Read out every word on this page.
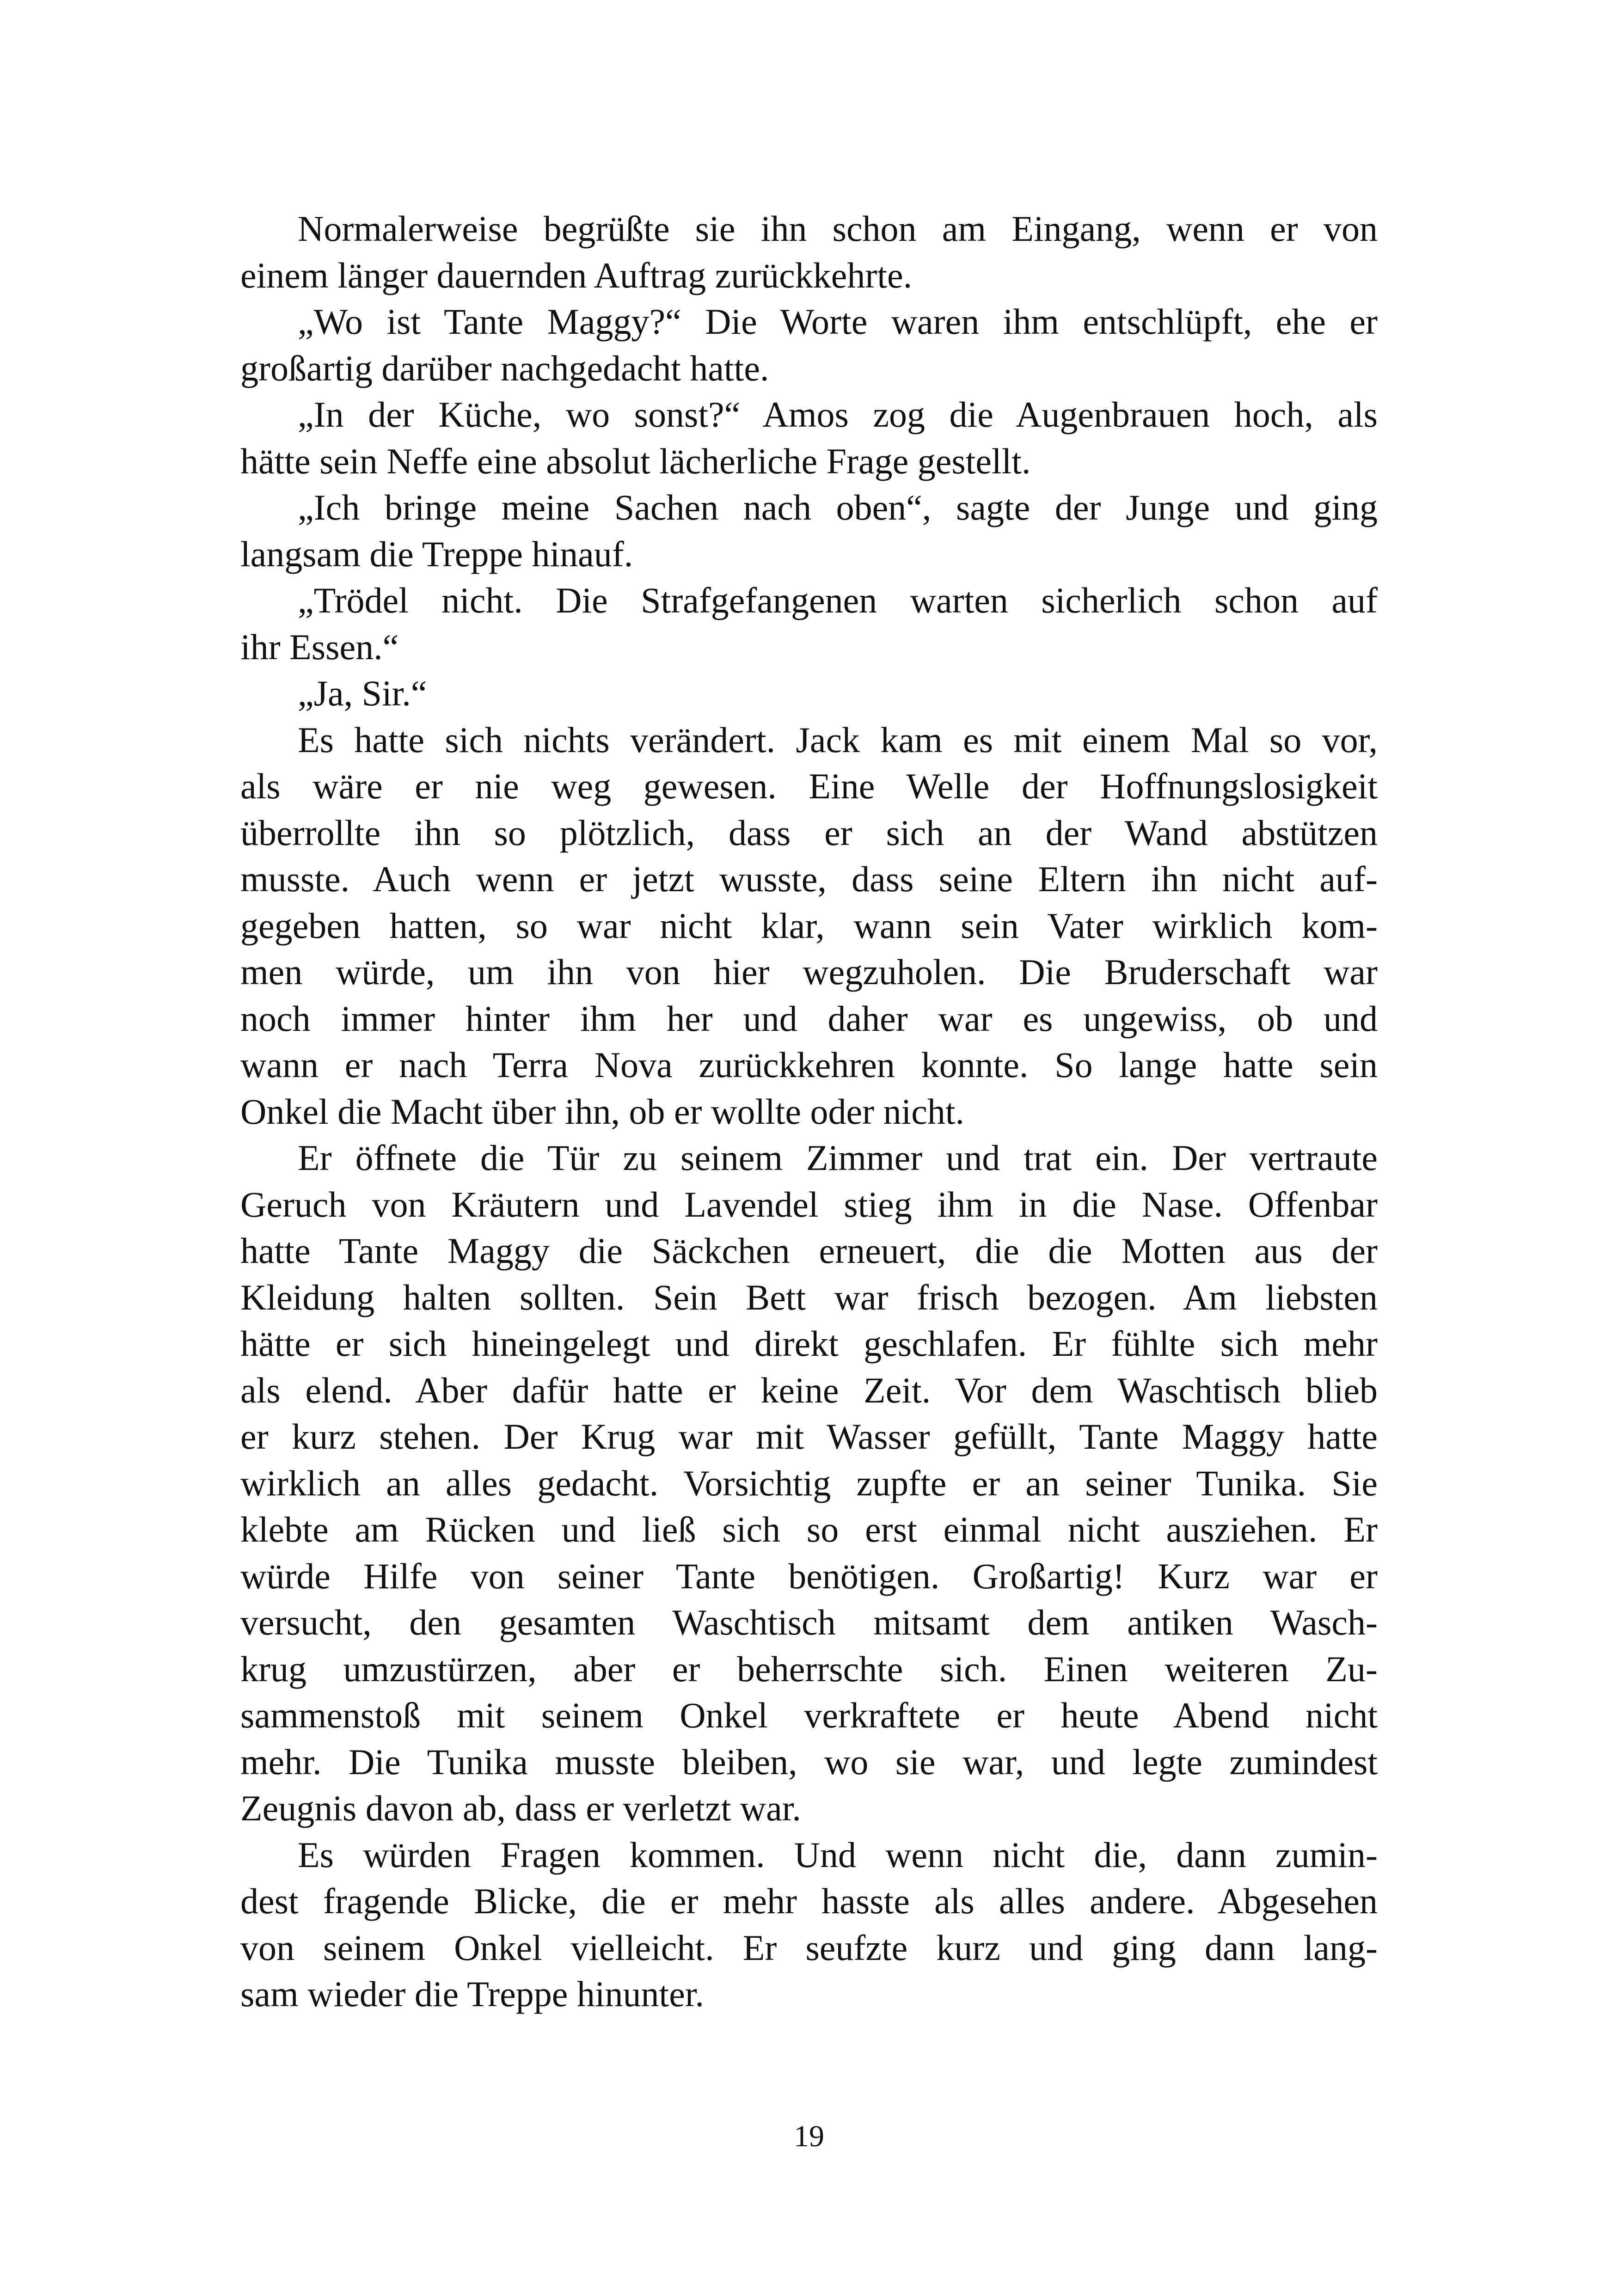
Normalerweise begrüßte sie ihn schon am Eingang, wenn er von
einem länger dauernden Auftrag zurückkehrte.
„Wo ist Tante Maggy?“ Die Worte waren ihm entschlüpft, ehe er
großartig darüber nachgedacht hatte.
„In der Küche, wo sonst?“ Amos zog die Augenbrauen hoch, als
hätte sein Neffe eine absolut lächerliche Frage gestellt.
„Ich bringe meine Sachen nach oben“, sagte der Junge und ging
langsam die Treppe hinauf.
„Trödel nicht. Die Strafgefangenen warten sicherlich schon auf
ihr Essen.“
„Ja, Sir.“
Es hatte sich nichts verändert. Jack kam es mit einem Mal so vor,
als wäre er nie weg gewesen. Eine Welle der Hoffnungslosigkeit
überrollte ihn so plötzlich, dass er sich an der Wand abstützen
musste. Auch wenn er jetzt wusste, dass seine Eltern ihn nicht auf-
gegeben hatten, so war nicht klar, wann sein Vater wirklich kom-
men würde, um ihn von hier wegzuholen. Die Bruderschaft war
noch immer hinter ihm her und daher war es ungewiss, ob und
wann er nach Terra Nova zurückkehren konnte. So lange hatte sein
Onkel die Macht über ihn, ob er wollte oder nicht.
Er öffnete die Tür zu seinem Zimmer und trat ein. Der vertraute
Geruch von Kräutern und Lavendel stieg ihm in die Nase. Offenbar
hatte Tante Maggy die Säckchen erneuert, die die Motten aus der
Kleidung halten sollten. Sein Bett war frisch bezogen. Am liebsten
hätte er sich hineingelegt und direkt geschlafen. Er fühlte sich mehr
als elend. Aber dafür hatte er keine Zeit. Vor dem Waschtisch blieb
er kurz stehen. Der Krug war mit Wasser gefüllt, Tante Maggy hatte
wirklich an alles gedacht. Vorsichtig zupfte er an seiner Tunika. Sie
klebte am Rücken und ließ sich so erst einmal nicht ausziehen. Er
würde Hilfe von seiner Tante benötigen. Großartig! Kurz war er
versucht, den gesamten Waschtisch mitsamt dem antiken Wasch-
krug umzustürzen, aber er beherrschte sich. Einen weiteren Zu-
sammenstoß mit seinem Onkel verkraftete er heute Abend nicht
mehr. Die Tunika musste bleiben, wo sie war, und legte zumindest
Zeugnis davon ab, dass er verletzt war.
Es würden Fragen kommen. Und wenn nicht die, dann zumin-
dest fragende Blicke, die er mehr hasste als alles andere. Abgesehen
von seinem Onkel vielleicht. Er seufzte kurz und ging dann lang-
sam wieder die Treppe hinunter.
19
